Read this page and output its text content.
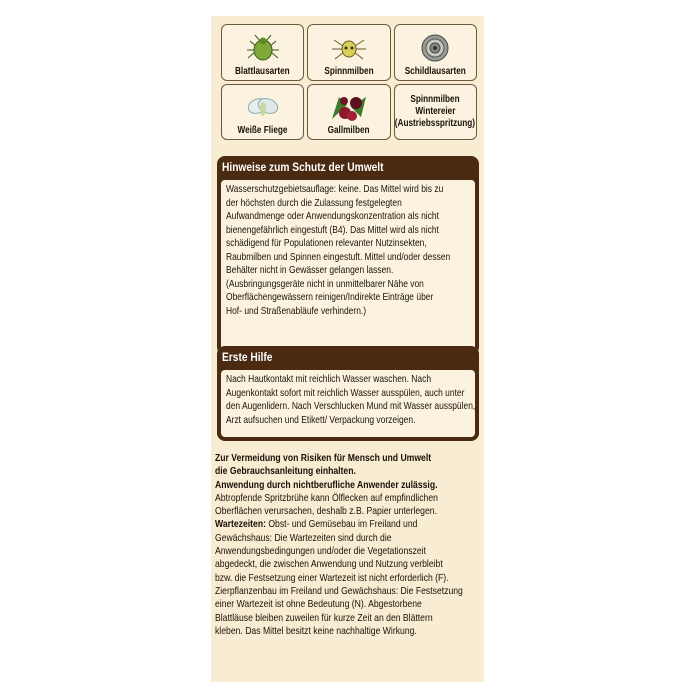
Blattlausarten	Spinnmilben	Schildlausarten
Weiße Fliege	Gallmilben
Spinnmilben
Wintereier
(Austriebsspritzung)
Hinweise zum Schutz der Umwelt
Wasserschutzgebietsauflage: keine. Das Mittel wird bis zu
der höchsten durch die Zulassung festgelegten
Aufwandmenge oder Anwendungskonzentration als nicht
bienengefährlich eingestuft (B4). Das Mittel wird als nicht
schädigend für Populationen relevanter Nutzinsekten,
Raubmilben und Spinnen eingestuft. Mittel und/oder dessen
Behälter nicht in Gewässer gelangen lassen.
(Ausbringungsgeräte nicht in unmittelbarer Nähe von
Oberflächengewässern reinigen/Indirekte Einträge über
Hof- und Straßenabläufe verhindern.)
Erste Hilfe
Nach Hautkontakt mit reichlich Wasser waschen. Nach
Augenkontakt sofort mit reichlich Wasser ausspülen, auch unter
den Augenlidern. Nach Verschlucken Mund mit Wasser ausspülen,
Arzt aufsuchen und Etikett/ Verpackung vorzeigen.
Zur Vermeidung von Risiken für Mensch und Umwelt
die Gebrauchsanleitung einhalten.
Anwendung durch nichtberufliche Anwender zulässig.
Abtropfende Spritzbrühe kann Ölflecken auf empfindlichen
Oberflächen verursachen, deshalb z.B. Papier unterlegen.
Wartezeiten: Obst- und Gemüsebau im Freiland und
Gewächshaus: Die Wartezeiten sind durch die
Anwendungsbedingungen und/oder die Vegetationszeit
abgedeckt, die zwischen Anwendung und Nutzung verbleibt
bzw. die Festsetzung einer Wartezeit ist nicht erforderlich (F).
Zierpflanzenbau im Freiland und Gewächshaus: Die Festsetzung
einer Wartezeit ist ohne Bedeutung (N). Abgestorbene
Blattläuse bleiben zuweilen für kurze Zeit an den Blättern
kleben. Das Mittel besitzt keine nachhaltige Wirkung.
